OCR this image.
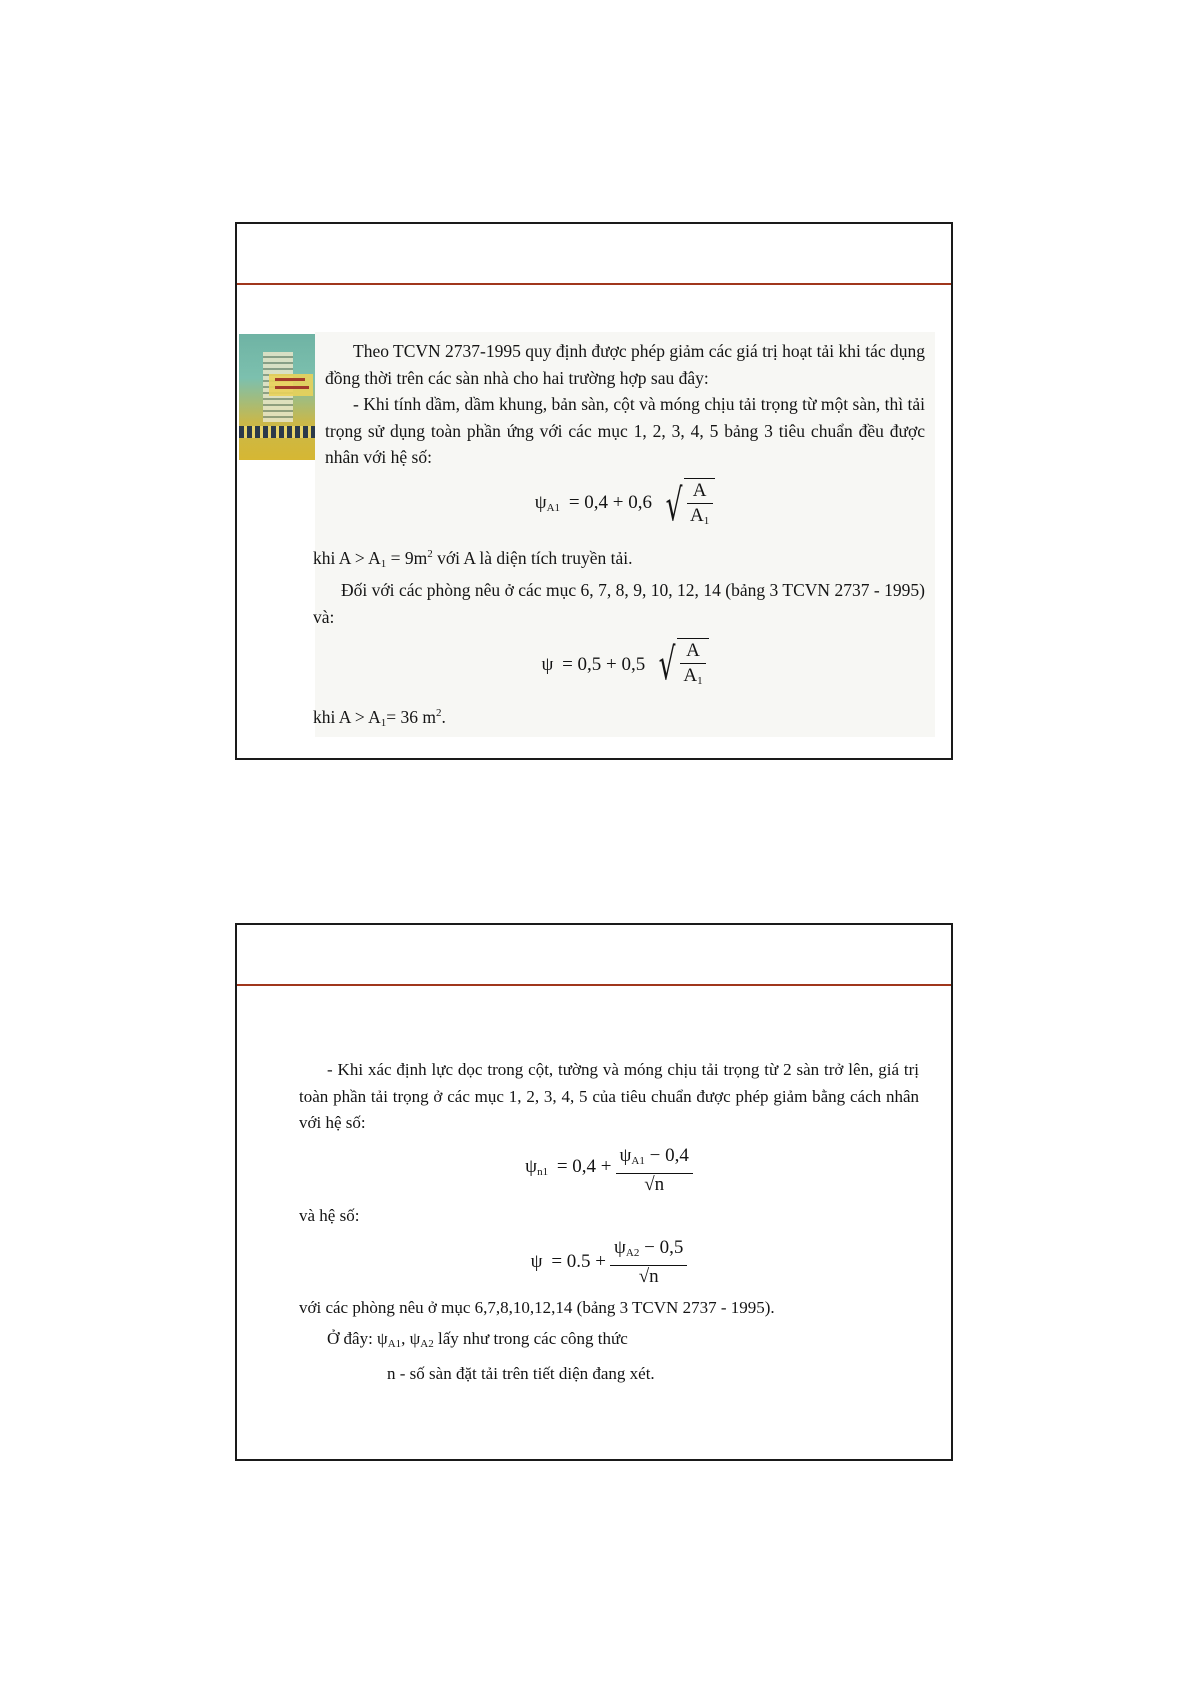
Theo TCVN 2737-1995 quy định được phép giảm các giá trị hoạt tải khi tác dụng đồng thời trên các sàn nhà cho hai trường hợp sau đây:

- Khi tính dầm, dầm khung, bản sàn, cột và móng chịu tải trọng từ một sàn, thì tải trọng sử dụng toàn phần ứng với các mục 1, 2, 3, 4, 5 bảng 3 tiêu chuẩn đều được nhân với hệ số:

$\psi_{A1} = 0,4 + 0,6$ √ $\frac{A}{A_1}$

khi $A > A_1 = 9m^2$ với A là diện tích truyền tải.

Đối với các phòng nêu ở các mục 6, 7, 8, 9, 10, 12, 14 (bảng 3 TCVN 2737 - 1995) và:

ψ = 0,5 + 0,5 √ $\frac{A}{A_1}$

khi $A > A_1= 36$ $m^2$.

- Khi xác định lực dọc trong cột, tường và móng chịu tải trọng từ 2 sàn trở lên, giá trị toàn phần tải trọng ở các mục 1, 2, 3, 4, 5 của tiêu chuẩn được phép giảm bằng cách nhân với hệ số:

$\psi_{n1} = 0,4 + \frac{\psi_{A1} - 0,4}{√n}$

và hệ số:

$\psi = 0.5 + \frac{\psi_{A2} - 0,5}{√n}$

với các phòng nêu ở mục 6,7,8,10,12,14 (bảng 3 TCVN 2737 - 1995).

Ở đây: $\psi_{A1}$, $\psi_{A2}$ lấy như trong các công thức

n - số sàn đặt tải trên tiết diện đang xét.
